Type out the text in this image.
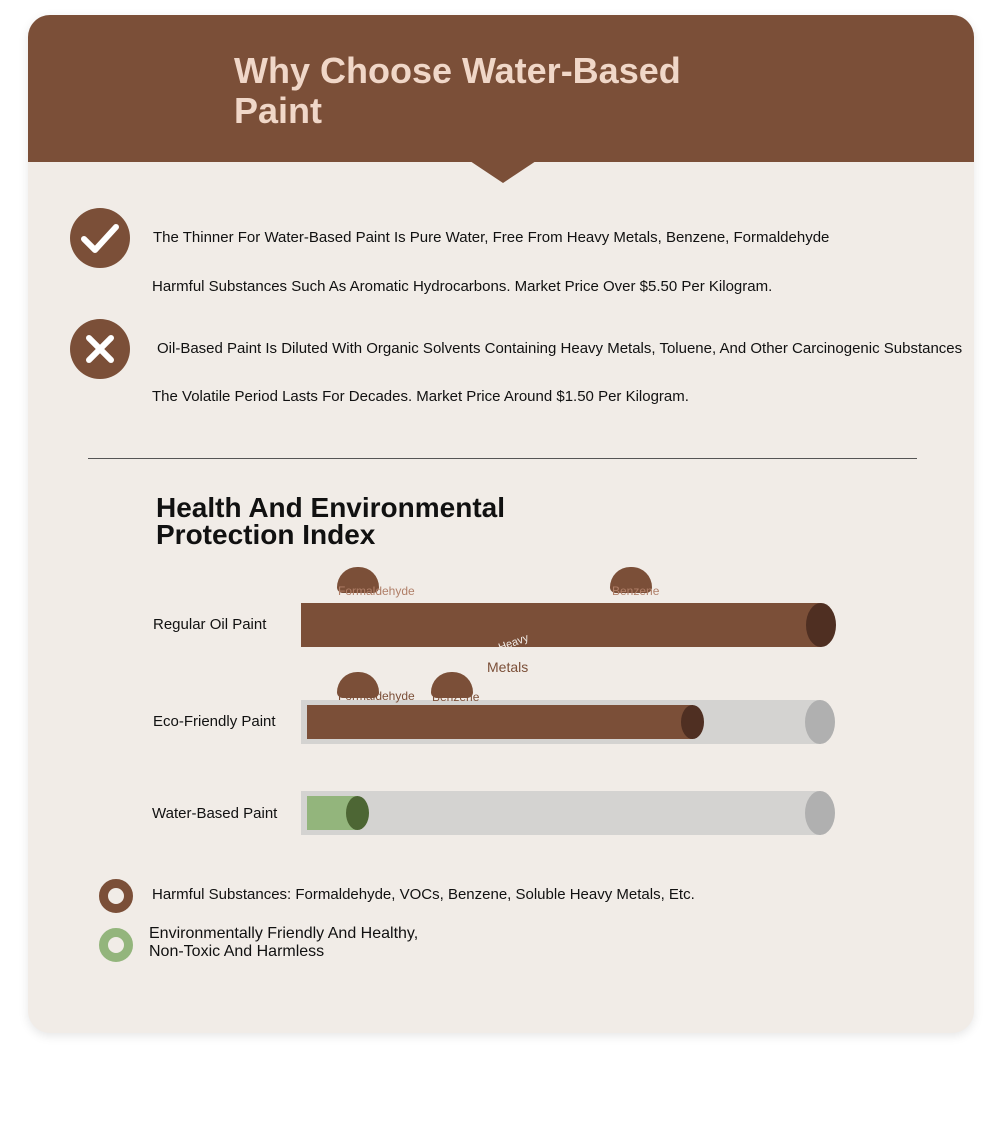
Why Choose Water-Based Paint
The Thinner For Water-Based Paint Is Pure Water, Free From Heavy Metals, Benzene, Formaldehyde
Harmful Substances Such As Aromatic Hydrocarbons. Market Price Over $5.50 Per Kilogram.
Oil-Based Paint Is Diluted With Organic Solvents Containing Heavy Metals, Toluene, And Other Carcinogenic Substances
The Volatile Period Lasts For Decades. Market Price Around $1.50 Per Kilogram.
Health And Environmental Protection Index
Regular Oil Paint
Eco-Friendly Paint
Water-Based Paint
Formaldehyde	Benzene
Heavy
Metals
Formaldehyde Benzene
Harmful Substances: Formaldehyde, VOCs, Benzene, Soluble Heavy Metals, Etc.
Environmentally Friendly And Healthy,
Non-Toxic And Harmless
